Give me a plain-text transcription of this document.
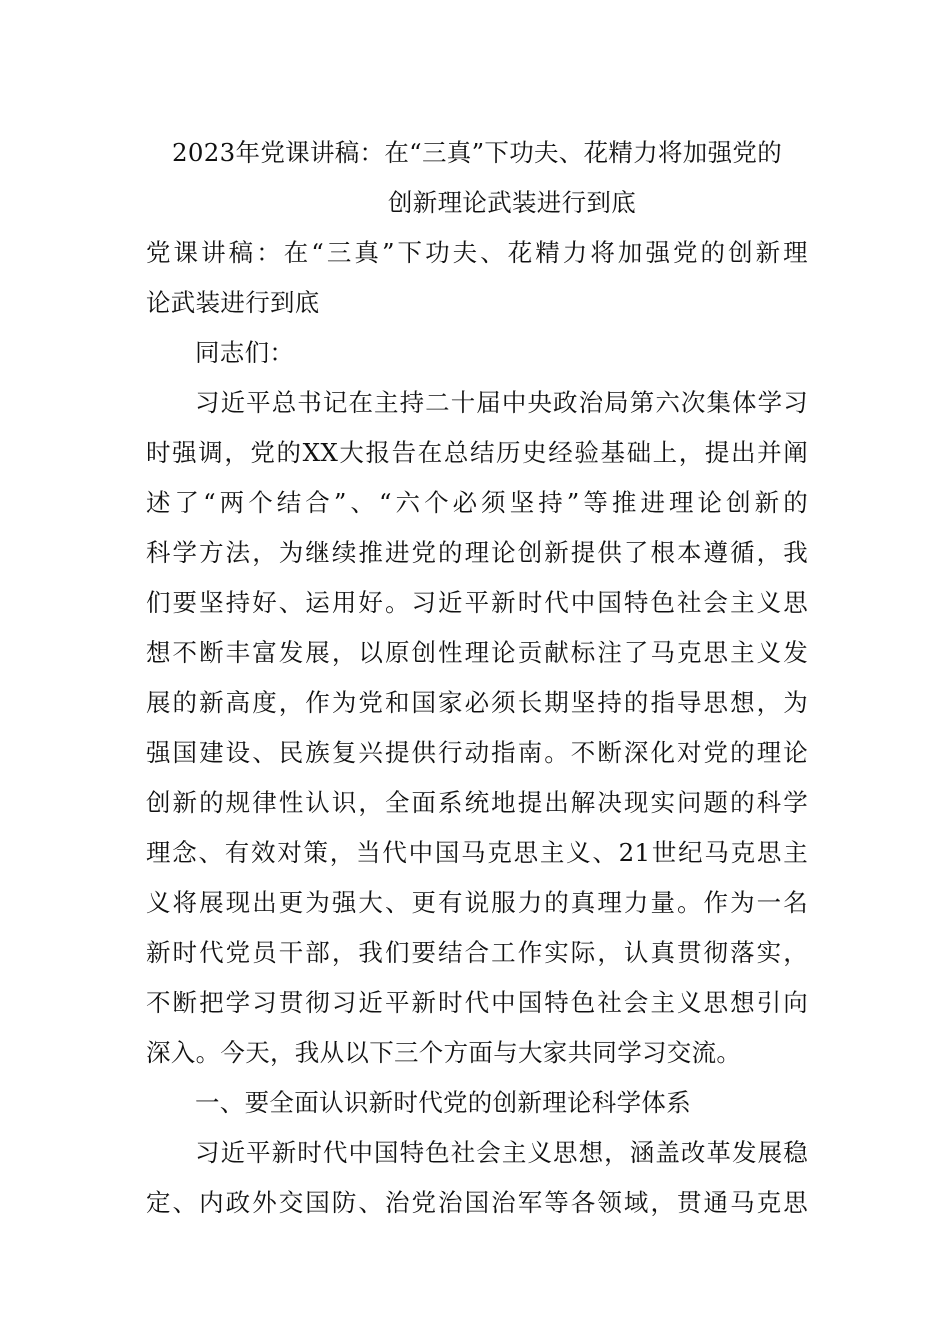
2023年党课讲稿：在“三真”下功夫、花精力将加强党的
创新理论武装进行到底

党课讲稿：在“三真”下功夫、花精力将加强党的创新理
论武装进行到底

同志们：

习近平总书记在主持二十届中央政治局第六次集体学习
时强调，党的XX大报告在总结历史经验基础上，提出并阐
述了“两个结合”、“六个必须坚持”等推进理论创新的
科学方法，为继续推进党的理论创新提供了根本遵循，我
们要坚持好、运用好。习近平新时代中国特色社会主义思
想不断丰富发展，以原创性理论贡献标注了马克思主义发
展的新高度，作为党和国家必须长期坚持的指导思想，为
强国建设、民族复兴提供行动指南。不断深化对党的理论
创新的规律性认识，全面系统地提出解决现实问题的科学
理念、有效对策，当代中国马克思主义、21世纪马克思主
义将展现出更为强大、更有说服力的真理力量。作为一名
新时代党员干部，我们要结合工作实际，认真贯彻落实，
不断把学习贯彻习近平新时代中国特色社会主义思想引向
深入。今天，我从以下三个方面与大家共同学习交流。

一、要全面认识新时代党的创新理论科学体系

习近平新时代中国特色社会主义思想，涵盖改革发展稳
定、内政外交国防、治党治国治军等各领域，贯通马克思
